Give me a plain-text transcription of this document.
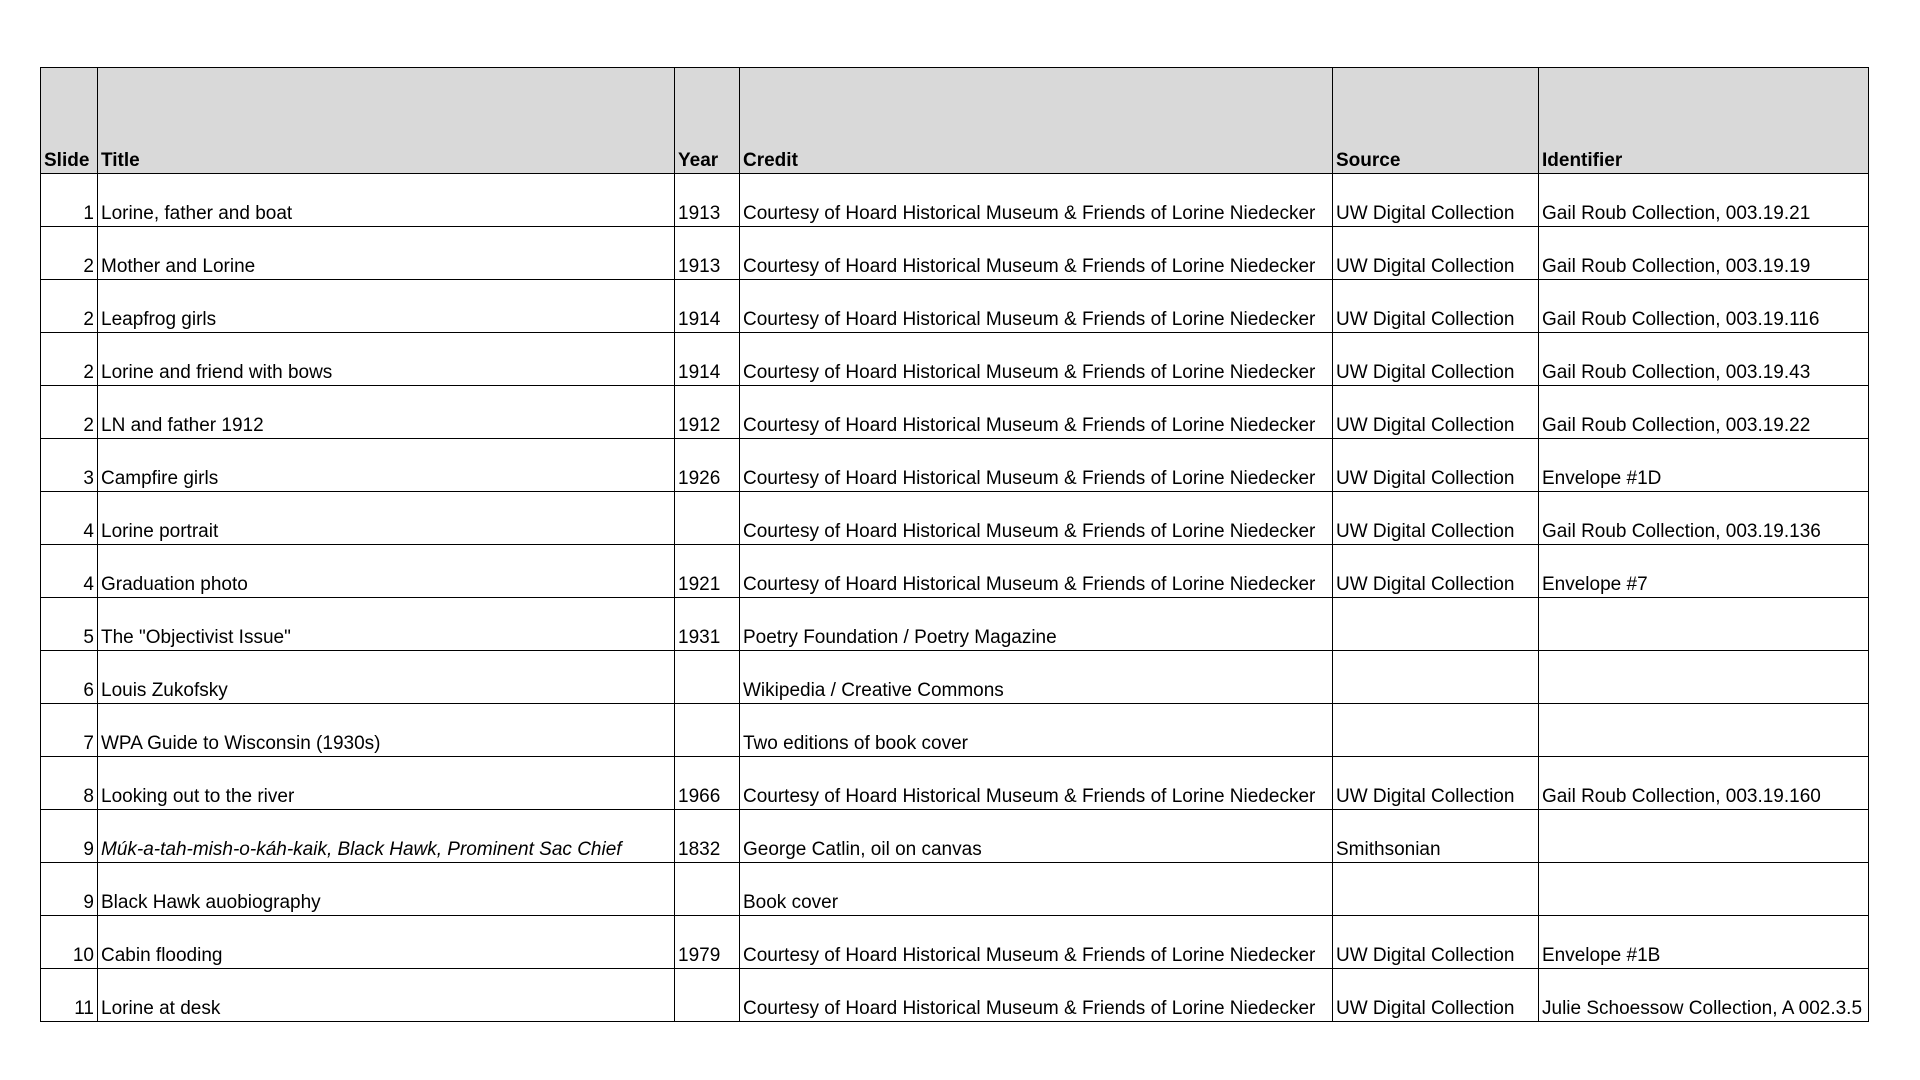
Slide	Title	Year	Credit	Source	Identifier
1	Lorine, father and boat	1913	Courtesy of Hoard Historical Museum & Friends of Lorine Niedecker	UW Digital Collection	Gail Roub Collection, 003.19.21
2	Mother and Lorine	1913	Courtesy of Hoard Historical Museum & Friends of Lorine Niedecker	UW Digital Collection	Gail Roub Collection, 003.19.19
2	Leapfrog girls	1914	Courtesy of Hoard Historical Museum & Friends of Lorine Niedecker	UW Digital Collection	Gail Roub Collection, 003.19.116
2	Lorine and friend with bows	1914	Courtesy of Hoard Historical Museum & Friends of Lorine Niedecker	UW Digital Collection	Gail Roub Collection, 003.19.43
2	LN and father 1912	1912	Courtesy of Hoard Historical Museum & Friends of Lorine Niedecker	UW Digital Collection	Gail Roub Collection, 003.19.22
3	Campfire girls	1926	Courtesy of Hoard Historical Museum & Friends of Lorine Niedecker	UW Digital Collection	Envelope #1D
4	Lorine portrait		Courtesy of Hoard Historical Museum & Friends of Lorine Niedecker	UW Digital Collection	Gail Roub Collection, 003.19.136
4	Graduation photo	1921	Courtesy of Hoard Historical Museum & Friends of Lorine Niedecker	UW Digital Collection	Envelope #7
5	The "Objectivist Issue"	1931	Poetry Foundation / Poetry Magazine		
6	Louis Zukofsky		Wikipedia / Creative Commons		
7	WPA Guide to Wisconsin (1930s)		Two editions of book cover		
8	Looking out to the river	1966	Courtesy of Hoard Historical Museum & Friends of Lorine Niedecker	UW Digital Collection	Gail Roub Collection, 003.19.160
9	Múk-a-tah-mish-o-káh-kaik, Black Hawk, Prominent Sac Chief	1832	George Catlin, oil on canvas	Smithsonian	
9	Black Hawk auobiography		Book cover		
10	Cabin flooding	1979	Courtesy of Hoard Historical Museum & Friends of Lorine Niedecker	UW Digital Collection	Envelope #1B
11	Lorine at desk		Courtesy of Hoard Historical Museum & Friends of Lorine Niedecker	UW Digital Collection	Julie Schoessow Collection, A 002.3.5
